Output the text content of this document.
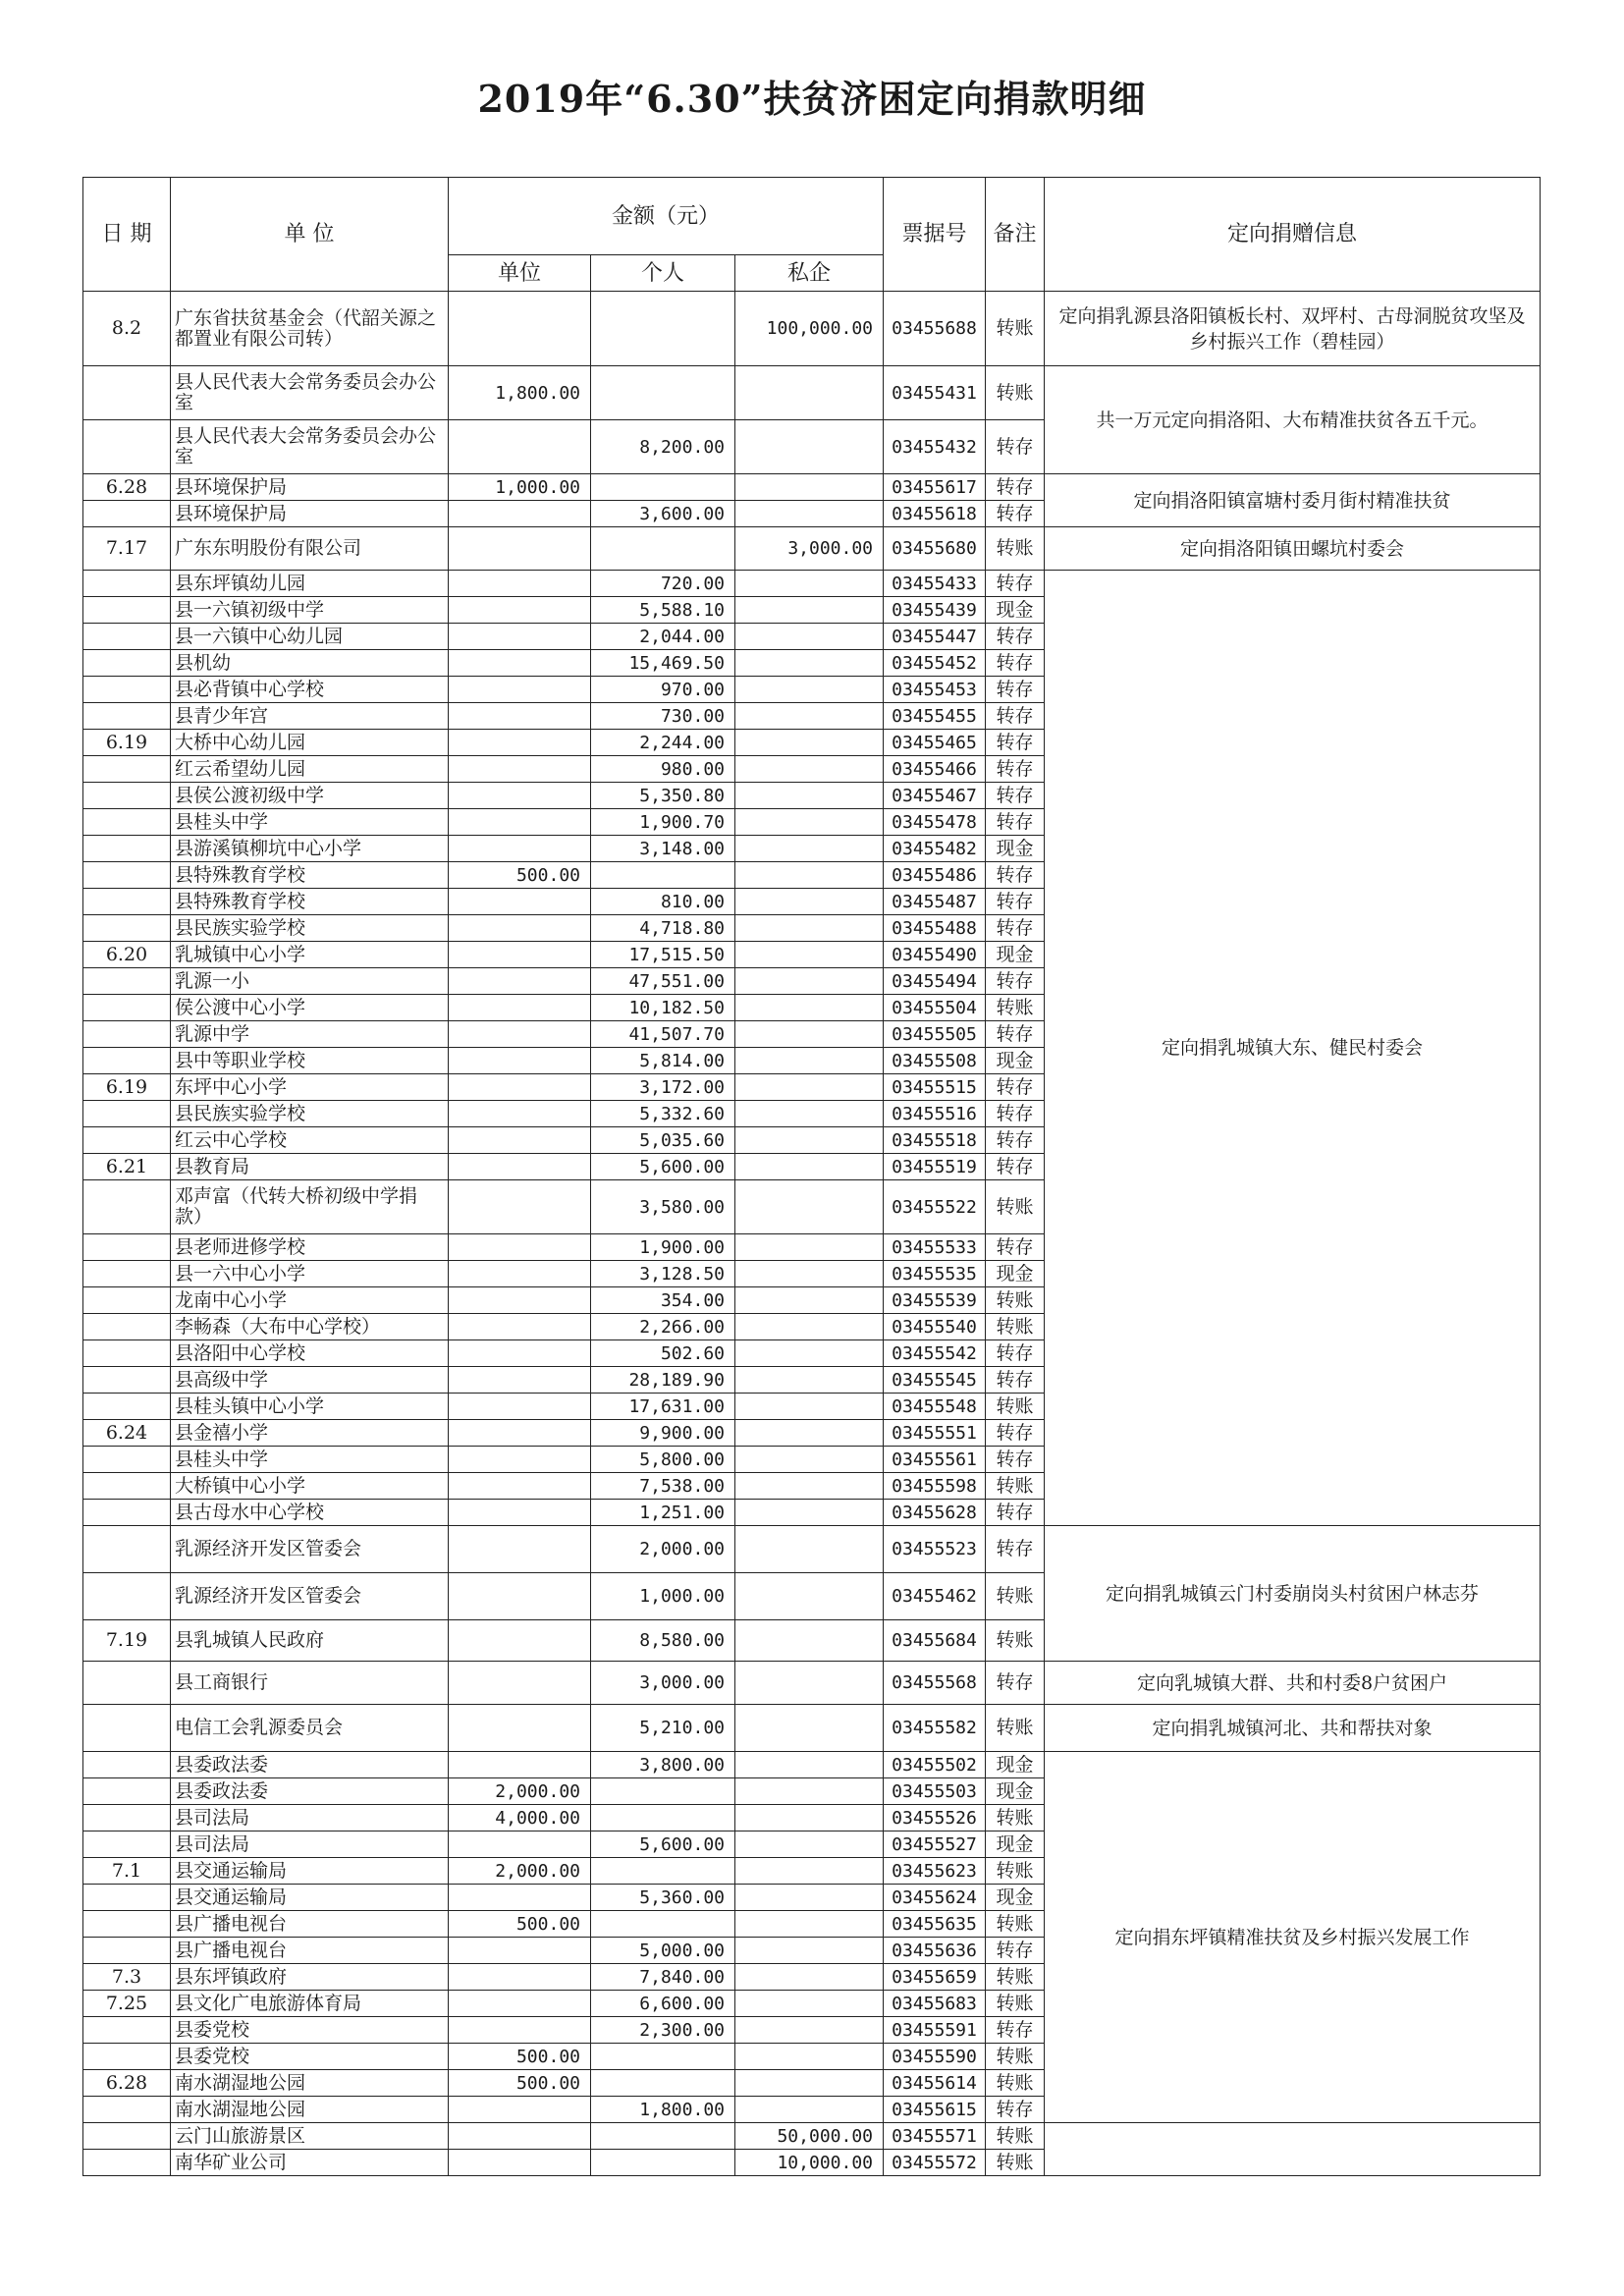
2019年“6.30”扶贫济困定向捐款明细
日 期	单 位	金额（元）			票据号	备注	定向捐赠信息
		单位	个人	私企			
8.2	广东省扶贫基金会（代韶关源之都置业有限公司转）			100,000.00	03455688	转账	定向捐乳源县洛阳镇板长村、双坪村、古母洞脱贫攻坚及乡村振兴工作（碧桂园）
	县人民代表大会常务委员会办公室	1,800.00			03455431	转账	共一万元定向捐洛阳、大布精准扶贫各五千元。
	县人民代表大会常务委员会办公室		8,200.00		03455432	转存	
6.28	县环境保护局	1,000.00			03455617	转存	定向捐洛阳镇富塘村委月街村精准扶贫
	县环境保护局		3,600.00		03455618	转存	
7.17	广东东明股份有限公司			3,000.00	03455680	转账	定向捐洛阳镇田螺坑村委会
	县东坪镇幼儿园		720.00		03455433	转存	定向捐乳城镇大东、健民村委会
	县一六镇初级中学		5,588.10		03455439	现金	
	县一六镇中心幼儿园		2,044.00		03455447	转存	
	县机幼		15,469.50		03455452	转存	
	县必背镇中心学校		970.00		03455453	转存	
	县青少年宫		730.00		03455455	转存	
6.19	大桥中心幼儿园		2,244.00		03455465	转存	
	红云希望幼儿园		980.00		03455466	转存	
	县侯公渡初级中学		5,350.80		03455467	转存	
	县桂头中学		1,900.70		03455478	转存	
	县游溪镇柳坑中心小学		3,148.00		03455482	现金	
	县特殊教育学校	500.00			03455486	转存	
	县特殊教育学校		810.00		03455487	转存	
	县民族实验学校		4,718.80		03455488	转存	
6.20	乳城镇中心小学		17,515.50		03455490	现金	
	乳源一小		47,551.00		03455494	转存	
	侯公渡中心小学		10,182.50		03455504	转账	
	乳源中学		41,507.70		03455505	转存	
	县中等职业学校		5,814.00		03455508	现金	
6.19	东坪中心小学		3,172.00		03455515	转存	
	县民族实验学校		5,332.60		03455516	转存	
	红云中心学校		5,035.60		03455518	转存	
6.21	县教育局		5,600.00		03455519	转存	
	邓声富（代转大桥初级中学捐款）		3,580.00		03455522	转账	
	县老师进修学校		1,900.00		03455533	转存	
	县一六中心小学		3,128.50		03455535	现金	
	龙南中心小学		354.00		03455539	转账	
	李畅森（大布中心学校）		2,266.00		03455540	转账	
	县洛阳中心学校		502.60		03455542	转存	
	县高级中学		28,189.90		03455545	转存	
	县桂头镇中心小学		17,631.00		03455548	转账	
6.24	县金禧小学		9,900.00		03455551	转存	
	县桂头中学		5,800.00		03455561	转存	
	大桥镇中心小学		7,538.00		03455598	转账	
	县古母水中心学校		1,251.00		03455628	转存	
	乳源经济开发区管委会		2,000.00		03455523	转存	定向捐乳城镇云门村委崩岗头村贫困户林志芬
	乳源经济开发区管委会		1,000.00		03455462	转账	
7.19	县乳城镇人民政府		8,580.00		03455684	转账	
	县工商银行		3,000.00		03455568	转存	定向乳城镇大群、共和村委8户贫困户
	电信工会乳源委员会		5,210.00		03455582	转账	定向捐乳城镇河北、共和帮扶对象
	县委政法委		3,800.00		03455502	现金	定向捐东坪镇精准扶贫及乡村振兴发展工作
	县委政法委	2,000.00			03455503	现金	
	县司法局	4,000.00			03455526	转账	
	县司法局		5,600.00		03455527	现金	
7.1	县交通运输局	2,000.00			03455623	转账	
	县交通运输局		5,360.00		03455624	现金	
	县广播电视台	500.00			03455635	转账	
	县广播电视台		5,000.00		03455636	转存	
7.3	县东坪镇政府		7,840.00		03455659	转账	
7.25	县文化广电旅游体育局		6,600.00		03455683	转账	
	县委党校		2,300.00		03455591	转存	
	县委党校	500.00			03455590	转账	
6.28	南水湖湿地公园	500.00			03455614	转账	
	南水湖湿地公园		1,800.00		03455615	转存	
	云门山旅游景区			50,000.00	03455571	转账	
	南华矿业公司			10,000.00	03455572	转账	
